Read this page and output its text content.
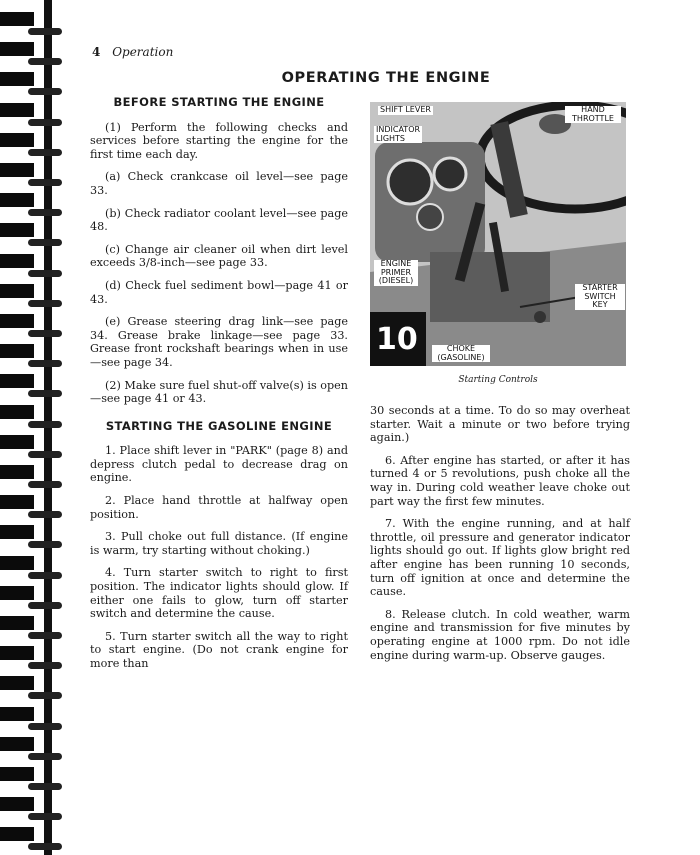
4 Operation
OPERATING THE ENGINE
BEFORE STARTING THE ENGINE

(1) Perform the following checks and services before starting the engine for the first time each day.

(a) Check crankcase oil level—see page 33.

(b) Check radiator coolant level—see page 48.

(c) Change air cleaner oil when dirt level exceeds 3/8-inch—see page 33.

(d) Check fuel sediment bowl—page 41 or 43.

(e) Grease steering drag link—see page 34. Grease brake linkage—see page 33. Grease front rockshaft bearings when in use—see page 34.

(2) Make sure fuel shut-off valve(s) is open—see page 41 or 43.

STARTING THE GASOLINE ENGINE

1. Place shift lever in "PARK" (page 8) and depress clutch pedal to decrease drag on engine.

2. Place hand throttle at halfway open position.

3. Pull choke out full distance. (If engine is warm, try starting without choking.)

4. Turn starter switch to right to first position. The indicator lights should glow. If either one fails to glow, turn off starter switch and determine the cause.

5. Turn starter switch all the way to right to start engine. (Do not crank engine for more than

SHIFT LEVER	HAND THROTTLE
INDICATOR LIGHTS
ENGINE PRIMER (DIESEL)
STARTER SWITCH KEY
CHOKE (GASOLINE)
10
Starting Controls

30 seconds at a time. To do so may overheat starter. Wait a minute or two before trying again.)

6. After engine has started, or after it has turned 4 or 5 revolutions, push choke all the way in. During cold weather leave choke out part way the first few minutes.

7. With the engine running, and at half throttle, oil pressure and generator indicator lights should go out. If lights glow bright red after engine has been running 10 seconds, turn off ignition at once and determine the cause.

8. Release clutch. In cold weather, warm engine and transmission for five minutes by operating engine at 1000 rpm. Do not idle engine during warm-up. Observe gauges.
